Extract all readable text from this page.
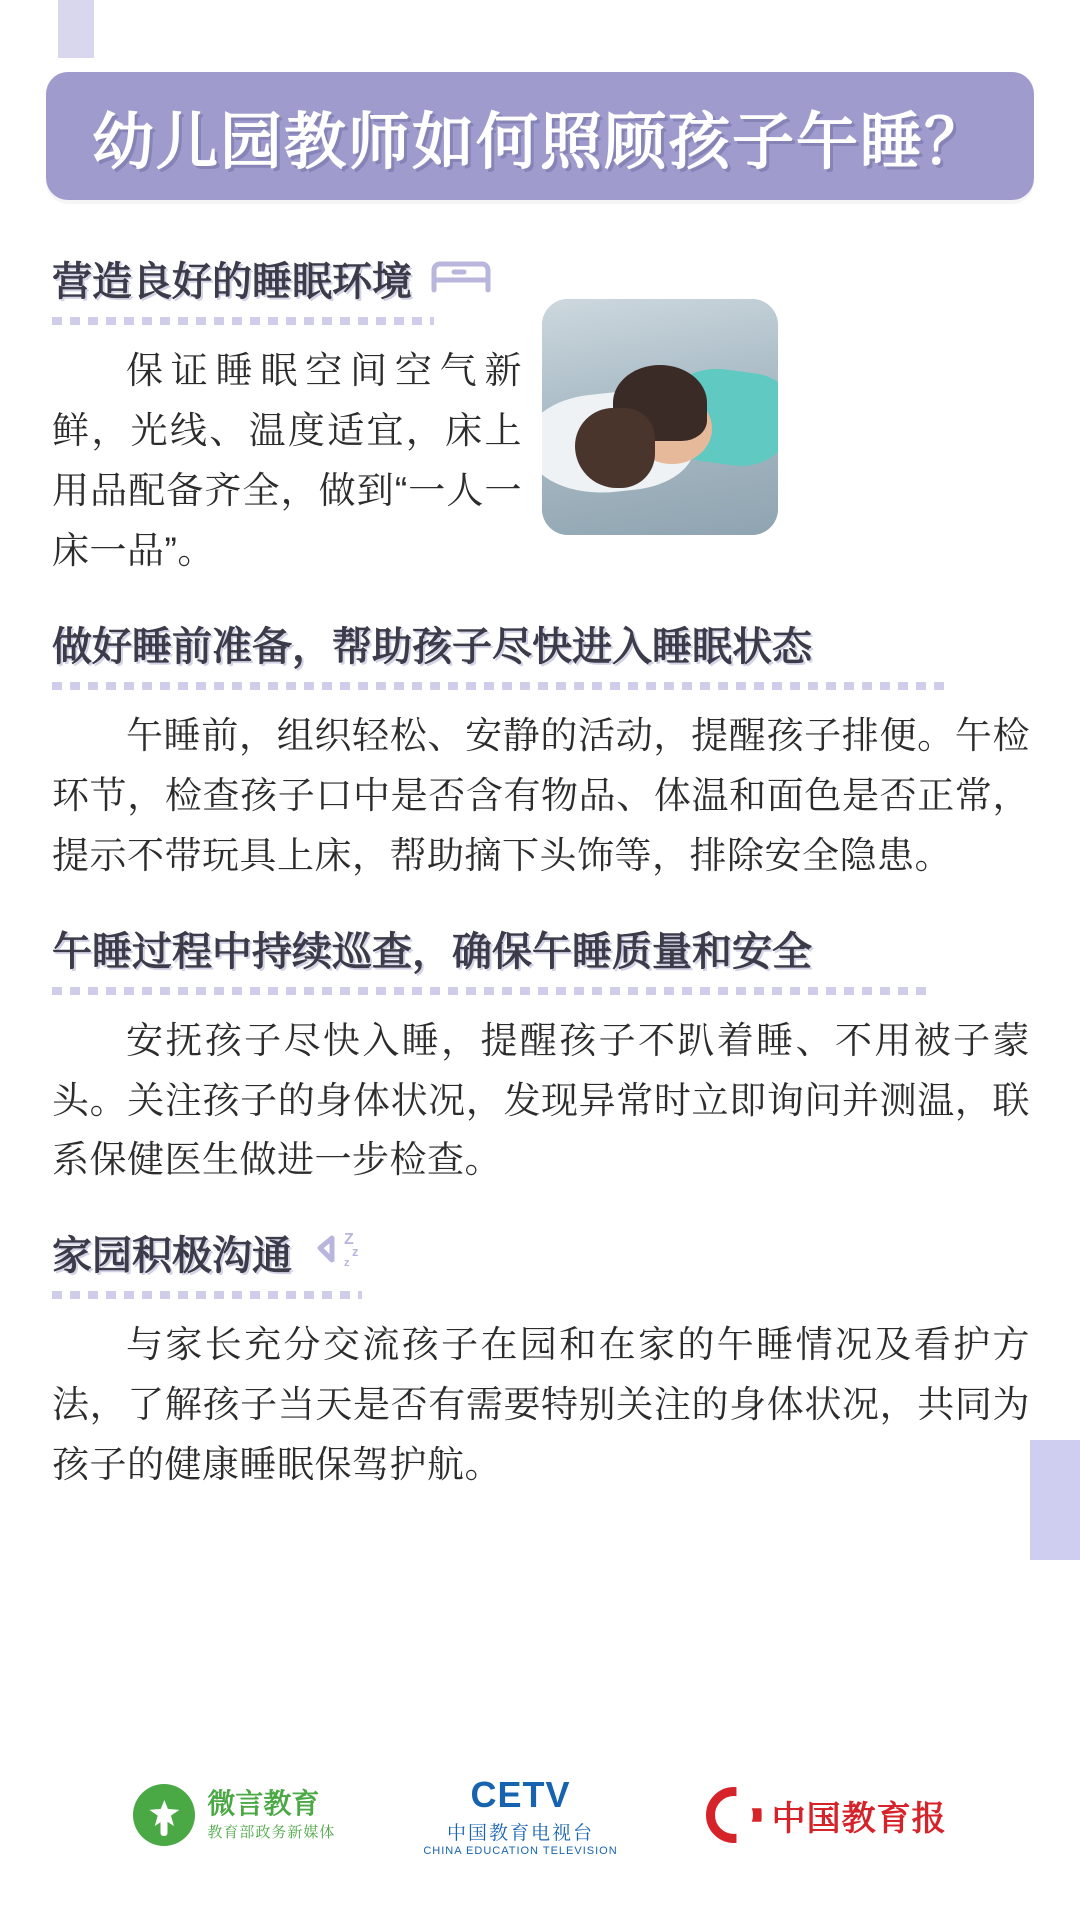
幼儿园教师如何照顾孩子午睡？
营造良好的睡眠环境
保证睡眠空间空气新鲜，光线、温度适宜，床上用品配备齐全，做到“一人一床一品”。
做好睡前准备，帮助孩子尽快进入睡眠状态
午睡前，组织轻松、安静的活动，提醒孩子排便。午检环节，检查孩子口中是否含有物品、体温和面色是否正常，提示不带玩具上床，帮助摘下头饰等，排除安全隐患。
午睡过程中持续巡查，确保午睡质量和安全
安抚孩子尽快入睡，提醒孩子不趴着睡、不用被子蒙头。关注孩子的身体状况，发现异常时立即询问并测温，联系保健医生做进一步检查。
家园积极沟通	Z
z
z
与家长充分交流孩子在园和在家的午睡情况及看护方法，了解孩子当天是否有需要特别关注的身体状况，共同为孩子的健康睡眠保驾护航。
微言教育
教育部政务新媒体
CETV
中国教育电视台
CHINA EDUCATION TELEVISION
中国教育报
